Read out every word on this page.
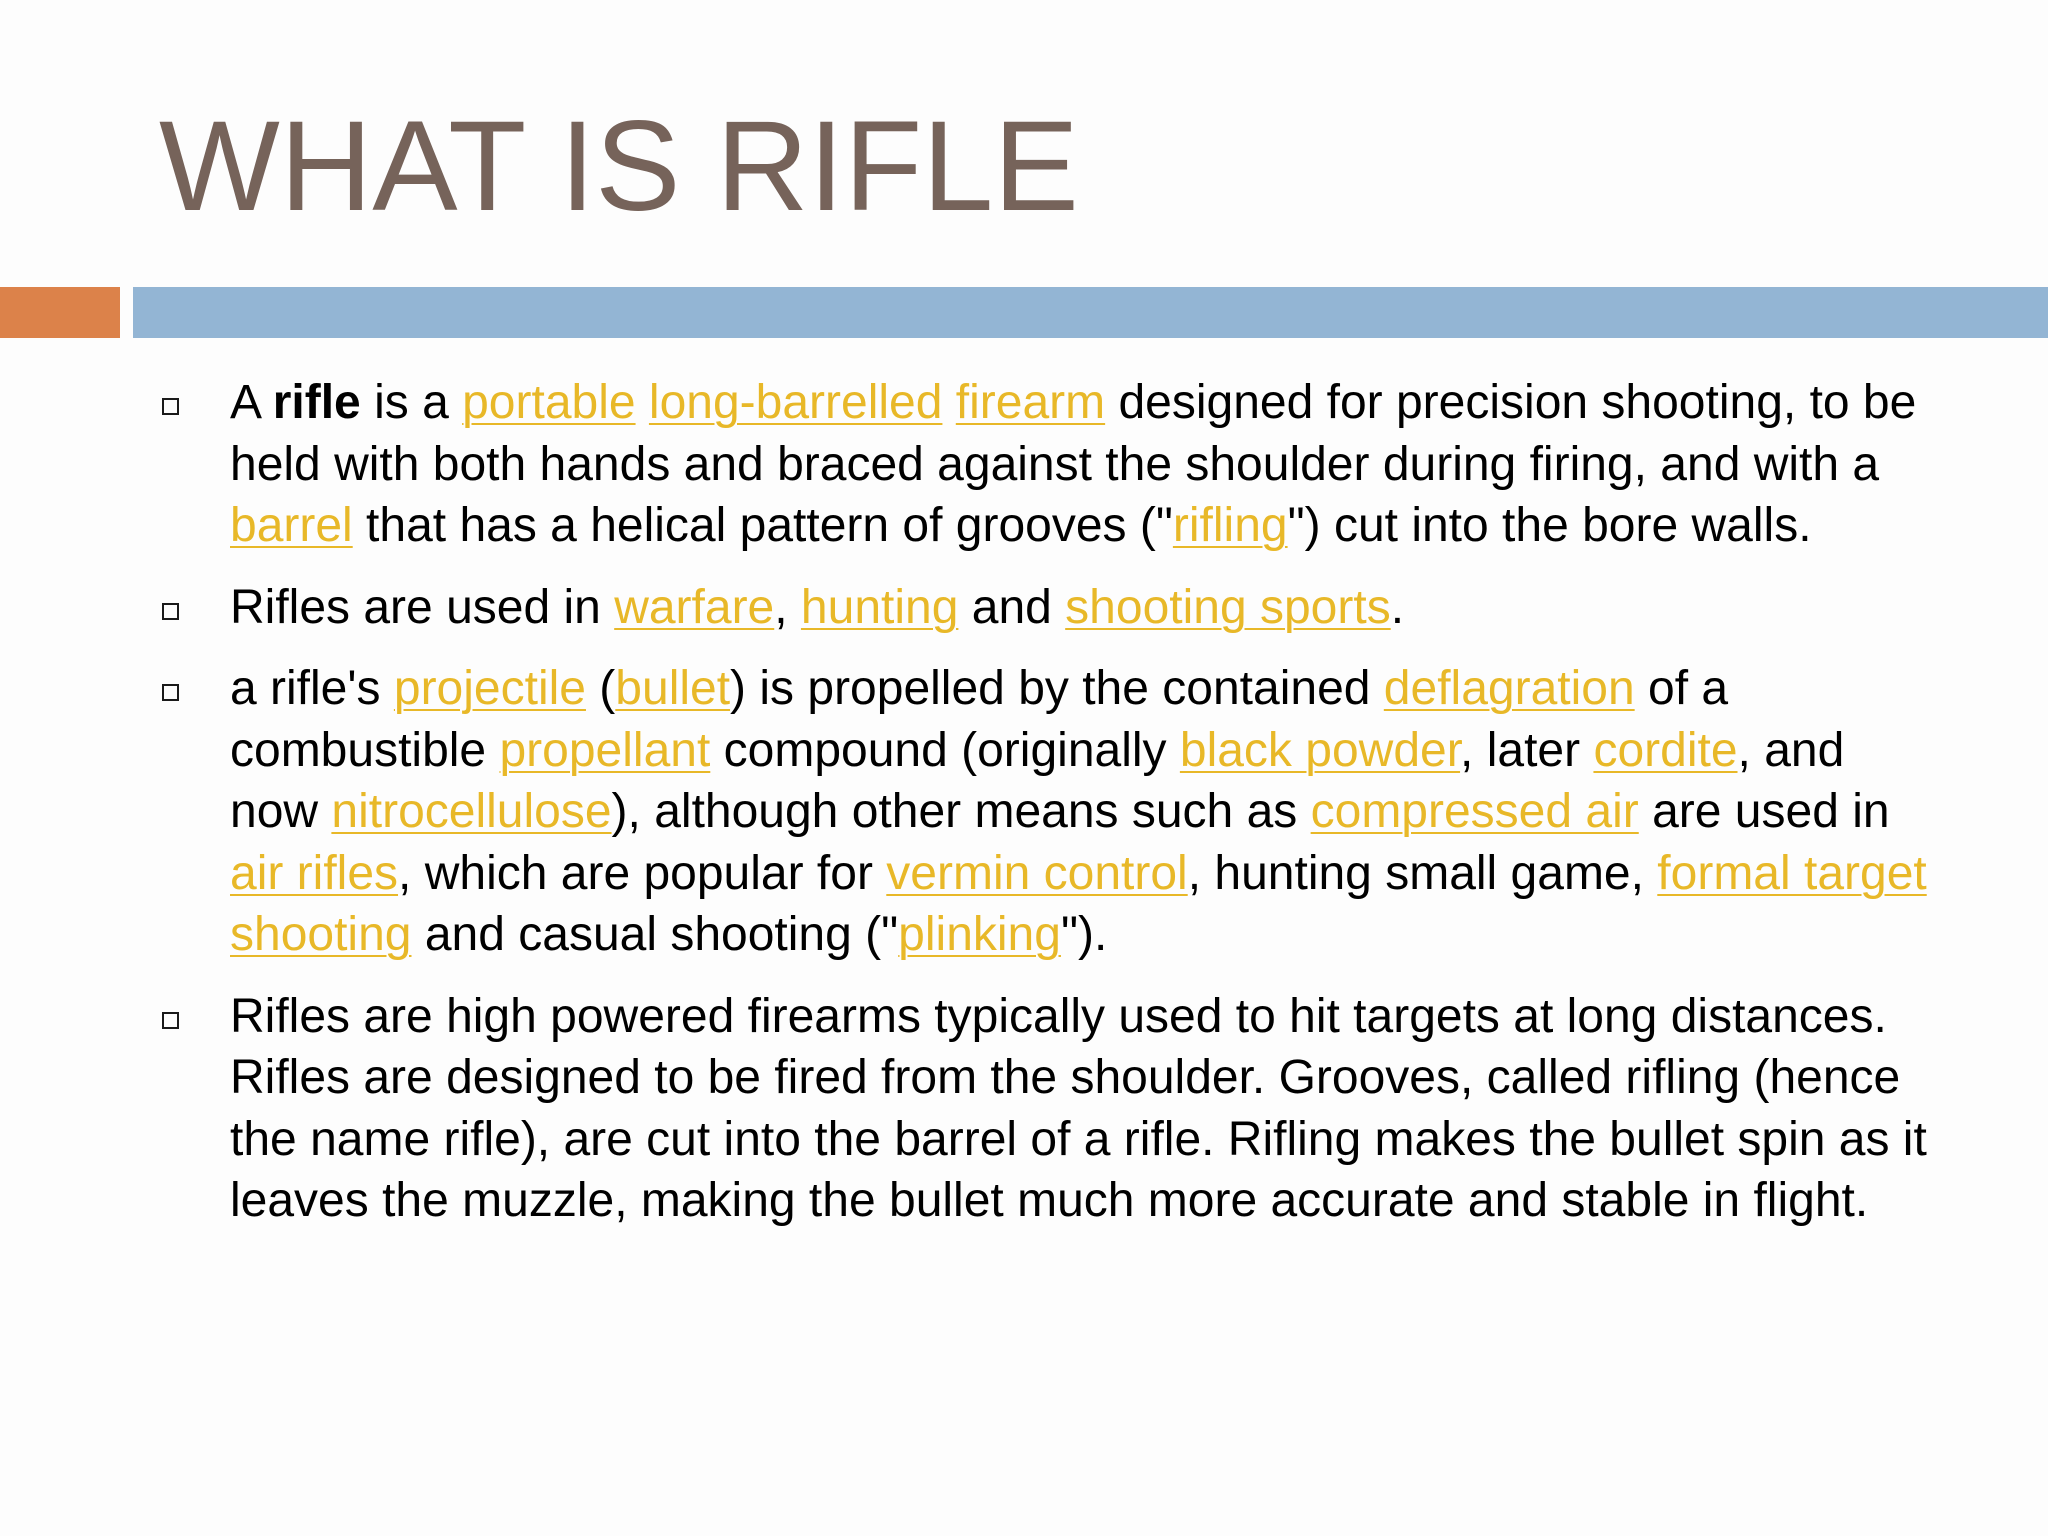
WHAT IS RIFLE

A rifle is a portable long-barrelled firearm designed for precision shooting, to be held with both hands and braced against the shoulder during firing, and with a barrel that has a helical pattern of grooves ("rifling") cut into the bore walls.

Rifles are used in warfare, hunting and shooting sports.

a rifle's projectile (bullet) is propelled by the contained deflagration of a combustible propellant compound (originally black powder, later cordite, and now nitrocellulose), although other means such as compressed air are used in air rifles, which are popular for vermin control, hunting small game, formal target shooting and casual shooting ("plinking").

Rifles are high powered firearms typically used to hit targets at long distances. Rifles are designed to be fired from the shoulder. Grooves, called rifling (hence the name rifle), are cut into the barrel of a rifle. Rifling makes the bullet spin as it leaves the muzzle, making the bullet much more accurate and stable in flight.
